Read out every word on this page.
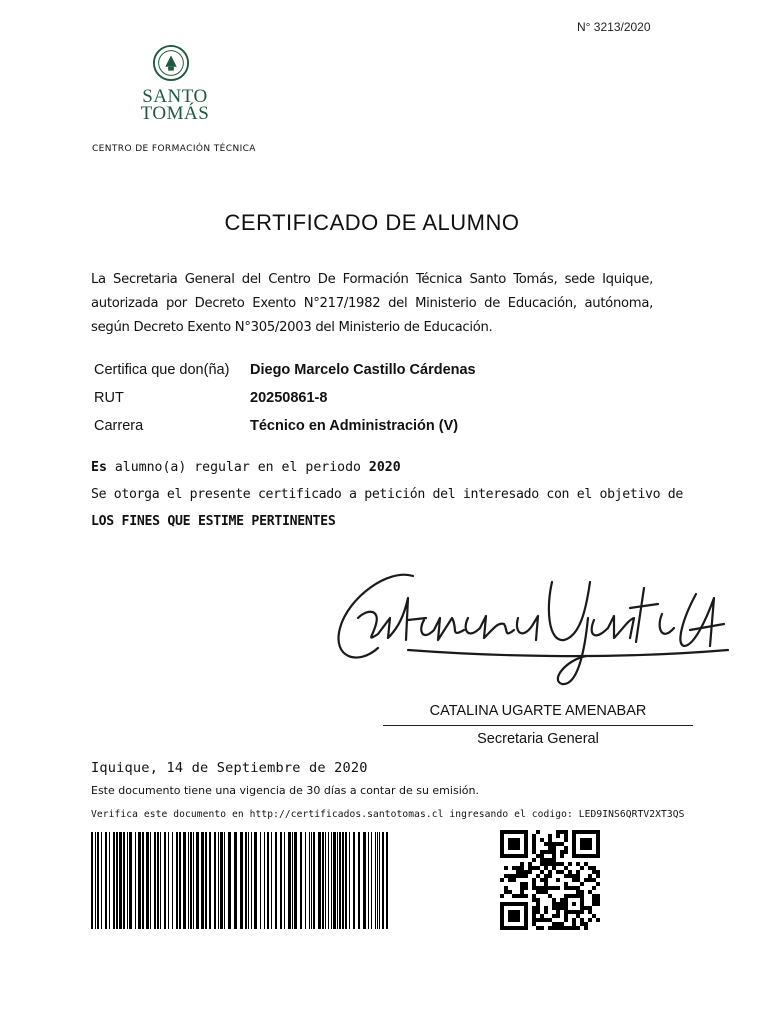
N° 3213/2020
SANTO
TOMÁS
CENTRO DE FORMACIÓN TÉCNICA
CERTIFICADO DE ALUMNO
La Secretaria General del Centro De Formación Técnica Santo Tomás, sede Iquique, autorizada por Decreto Exento N°217/1982 del Ministerio de Educación, autónoma, según Decreto Exento N°305/2003 del Ministerio de Educación.
Certifica que don(ña)	Diego Marcelo Castillo Cárdenas
RUT	20250861-8
Carrera	Técnico en Administración (V)
Es alumno(a) regular en el periodo 2020
Se otorga el presente certificado a petición del interesado con el objetivo de
LOS FINES QUE ESTIME PERTINENTES
Catalina Ugarte A
CATALINA UGARTE AMENABAR
Secretaria General
Iquique, 14 de Septiembre de 2020
Este documento tiene una vigencia de 30 días a contar de su emisión.
Verifica este documento en http://certificados.santotomas.cl ingresando el codigo: LED9INS6QRTV2XT3QS
